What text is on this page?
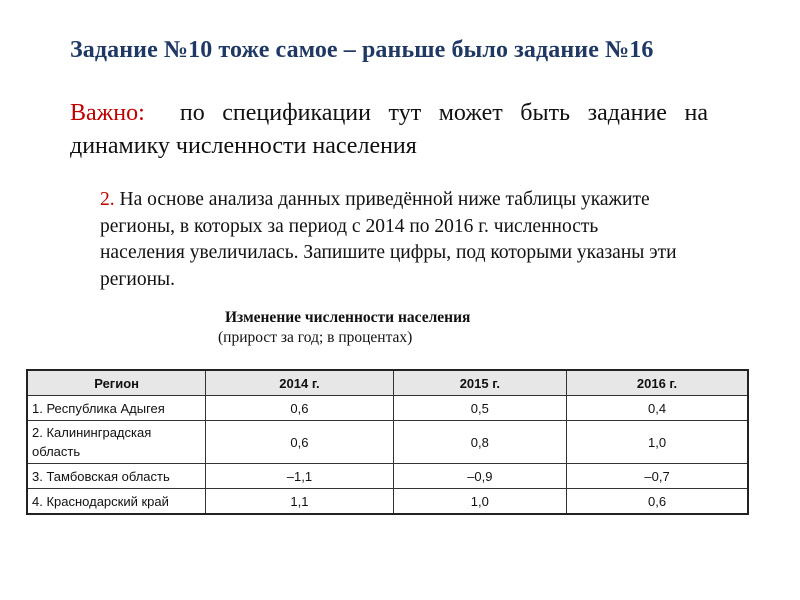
Задание №10 тоже самое – раньше было задание №16
Важно:  по спецификации тут может быть задание на динамику численности населения
2. На основе анализа данных приведённой ниже таблицы укажите регионы, в которых за период с 2014 по 2016 г. численность населения увеличилась. Запишите цифры, под которыми указаны эти регионы.
Изменение численности населения
(прирост за год; в процентах)
Регион	2014 г.	2015 г.	2016 г.
1. Республика Адыгея	0,6	0,5	0,4
2. Калининградская область	0,6	0,8	1,0
3. Тамбовская область	–1,1	–0,9	–0,7
4. Краснодарский край	1,1	1,0	0,6
